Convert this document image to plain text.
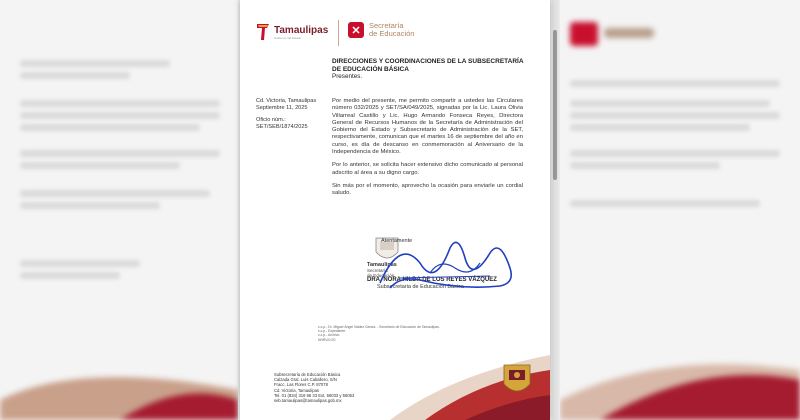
Tamaulipas
Gobierno del Estado
✕	Secretaría
de Educación
DIRECCIONES Y COORDINACIONES DE LA SUBSECRETARÍA DE EDUCACIÓN BÁSICA
Presentes.
Cd. Victoria, Tamaulipas
Septiembre 11, 2025
Oficio núm.:
SET/SEB/1874/2025

Por medio del presente, me permito compartir a ustedes las Circulares número 032/2025 y SET/SA/049/2025, signadas por la Lic. Laura Olivia Villarreal Castillo y Lic. Hugo Armando Fonseca Reyes, Directora General de Recursos Humanos de la Secretaría de Administración del Gobierno del Estado y Subsecretario de Administración de la SET, respectivamente, comunican que el martes 16 de septiembre del año en curso, es día de descanso en conmemoración al Aniversario de la Independencia de México.

Por lo anterior, se solicita hacer extensivo dicho comunicado al personal adscrito al área a su digno cargo.

Sin más por el momento, aprovecho la ocasión para enviarle un cordial saludo.

Atentamente
Tamaulipas
Secretaría
de Educación
DRA. NORA HILDA DE LOS REYES VÁZQUEZ
Subsecretaria de Educación Básica
c.c.p.- Dr. Miguel Ángel Valdez García. - Secretario de Educación de Tamaulipas.
c.c.p.- Expediente.
c.c.p.- Archivo.
NHRV/LGG
Subsecretaría de Educación Básica
Calzada Gral. Luis Caballero, S/N
Fracc. Las Flores C.P. 87078
Cd. Victoria, Tamaulipas
Tel. 01 (834) 318 66 33 Ext. 56033 y 56053
seb.tamaulipas@tamaulipas.gob.mx
